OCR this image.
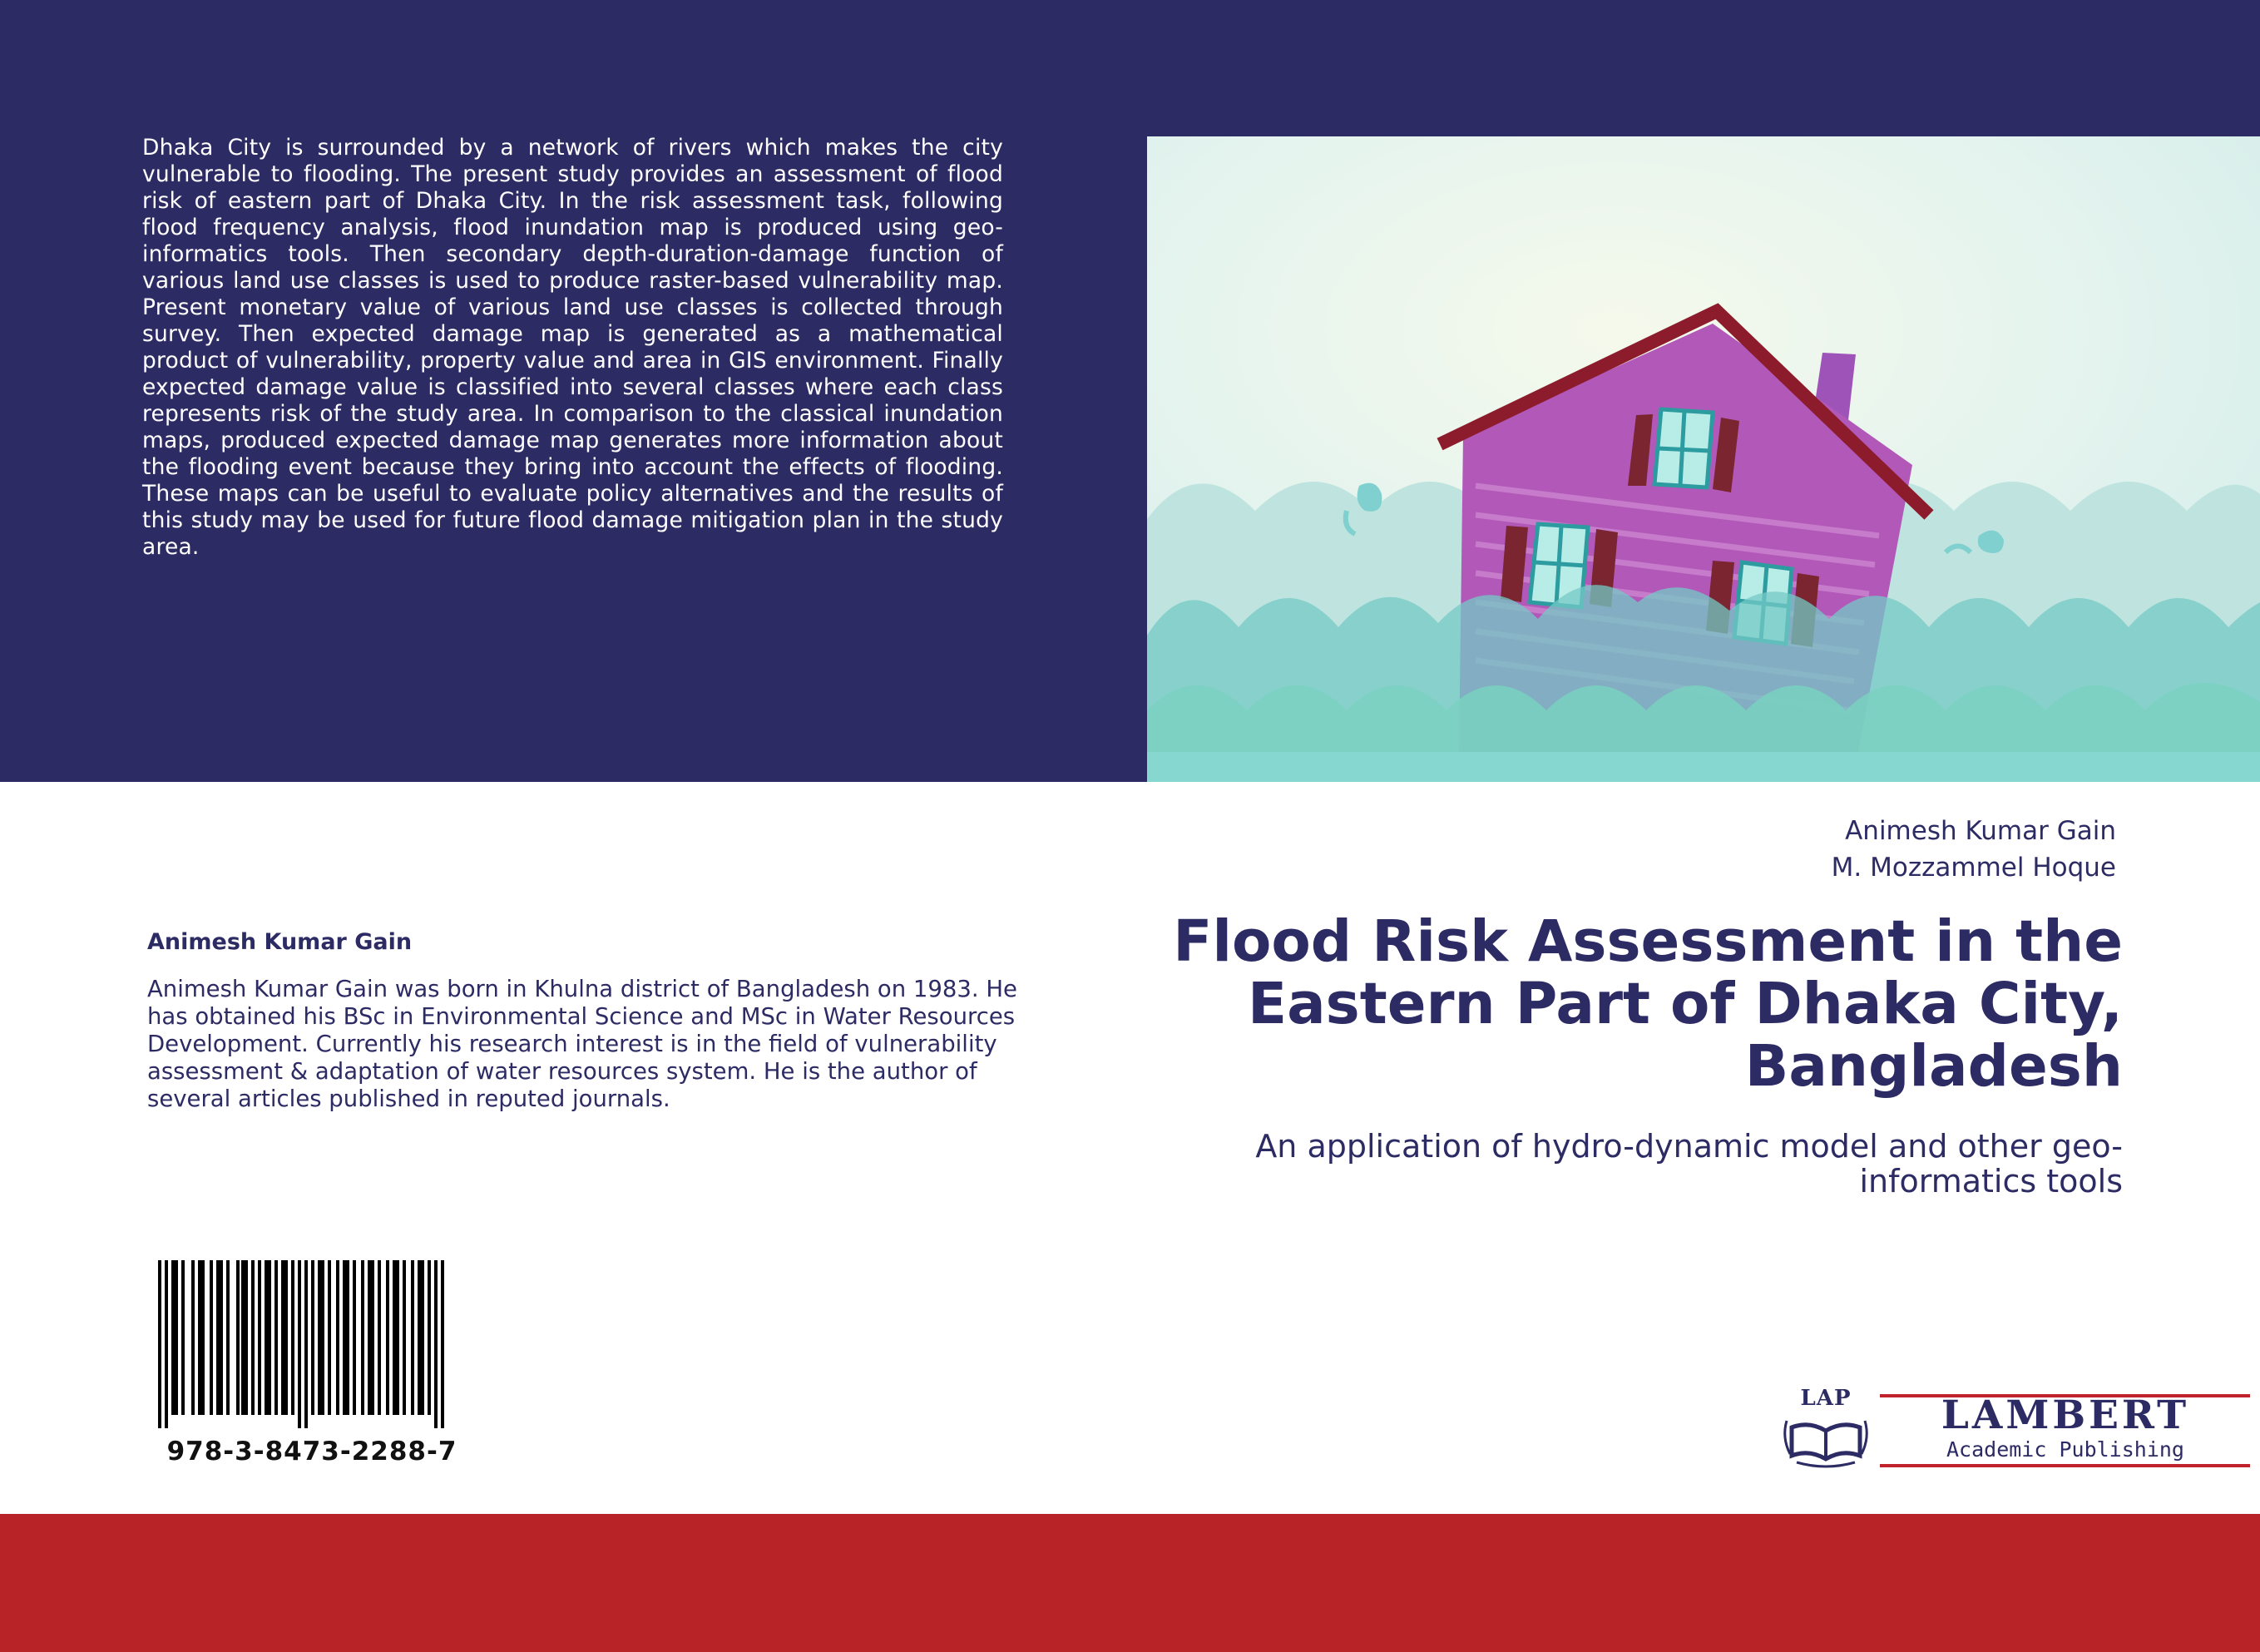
Dhaka City is surrounded by a network of rivers which makes the city vulnerable to flooding. The present study provides an assessment of flood risk of eastern part of Dhaka City. In the risk assessment task, following flood frequency analysis, flood inundation map is produced using geo-informatics tools. Then secondary depth-duration-damage function of various land use classes is used to produce raster-based vulnerability map. Present monetary value of various land use classes is collected through survey. Then expected damage map is generated as a mathematical product of vulnerability, property value and area in GIS environment. Finally expected damage value is classified into several classes where each class represents risk of the study area. In comparison to the classical inundation maps, produced expected damage map generates more information about the flooding event because they bring into account the effects of flooding. These maps can be useful to evaluate policy alternatives and the results of this study may be used for future flood damage mitigation plan in the study area.

Animesh Kumar Gain
M. Mozzammel Hoque

Animesh Kumar Gain

Animesh Kumar Gain was born in Khulna district of Bangladesh on 1983. He has obtained his BSc in Environmental Science and MSc in Water Resources Development. Currently his research interest is in the field of vulnerability assessment & adaptation of water resources system. He is the author of several articles published in reputed journals.

Flood Risk Assessment in the Eastern Part of Dhaka City, Bangladesh

An application of hydro-dynamic model and other geo-informatics tools

978-3-8473-2288-7

LAP	LAMBERT
Academic Publishing
